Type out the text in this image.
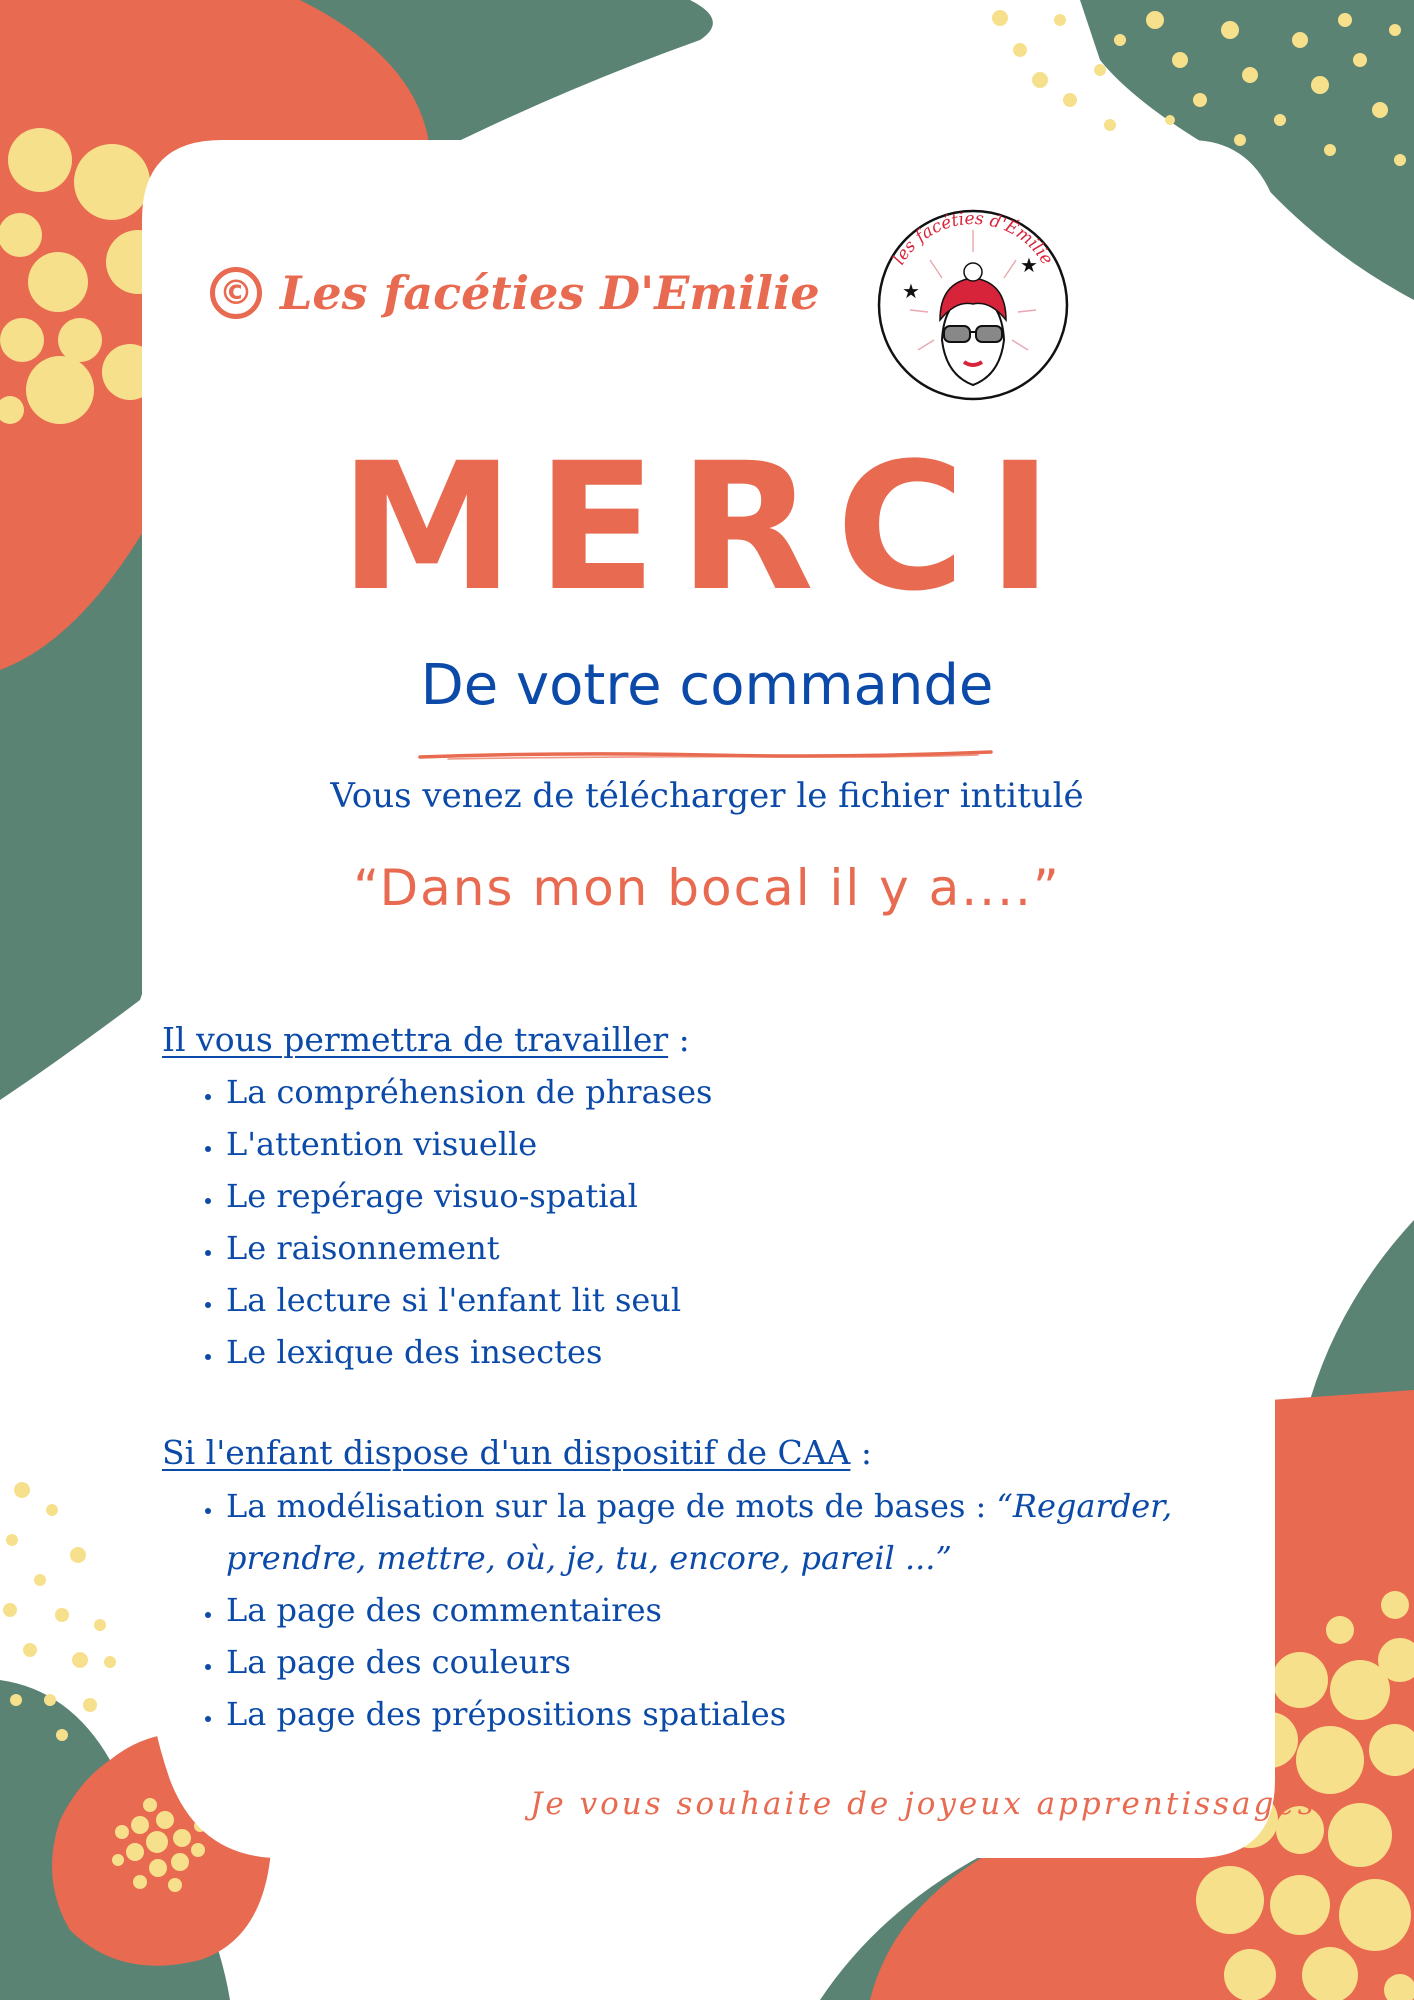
© Les facéties D'Emilie
les facéties d'Émilie
★
★
MERCI
De votre commande
Vous venez de télécharger le fichier intitulé
“Dans mon bocal il y a....”
Il vous permettra de travailler :
• La compréhension de phrases
• L'attention visuelle
• Le repérage visuo-spatial
• Le raisonnement
• La lecture si l'enfant lit seul
• Le lexique des insectes
Si l'enfant dispose d'un dispositif de CAA :
• La modélisation sur la page de mots de bases : “Regarder, prendre, mettre, où, je, tu, encore, pareil ...”
• La page des commentaires
• La page des couleurs
• La page des prépositions spatiales
Je vous souhaite de joyeux apprentissages
